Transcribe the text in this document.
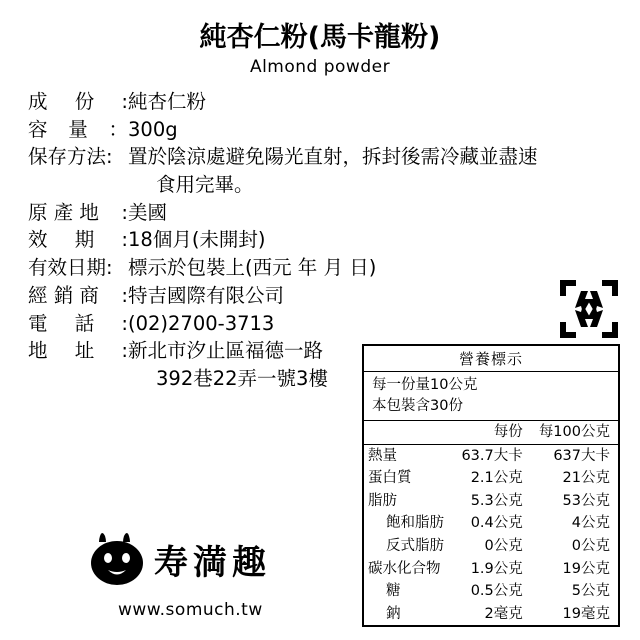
純杏仁粉(馬卡龍粉)
Almond powder
成 份 : 純杏仁粉
容 量 ： 300g
保存方法: 置於陰涼處避免陽光直射，拆封後需冷藏並盡速
食用完畢。
原 產 地 : 美國
效 期 : 18個月(未開封)
有效日期: 標示於包裝上(西元 年 月 日)
經 銷 商 : 特吉國際有限公司
電 話 : (02)2700-3713
地 址 : 新北市汐止區福德一路
392巷22弄一號3樓
營養標示
每一份量10公克
本包裝含30份
	每份	每100公克
熱量	63.7大卡	637大卡
蛋白質	2.1公克	21公克
脂肪	5.3公克	53公克
飽和脂肪	0.4公克	4公克
反式脂肪	0公克	0公克
碳水化合物	1.9公克	19公克
糖	0.5公克	5公克
鈉	2毫克	19毫克
寿満趣
www.somuch.tw
